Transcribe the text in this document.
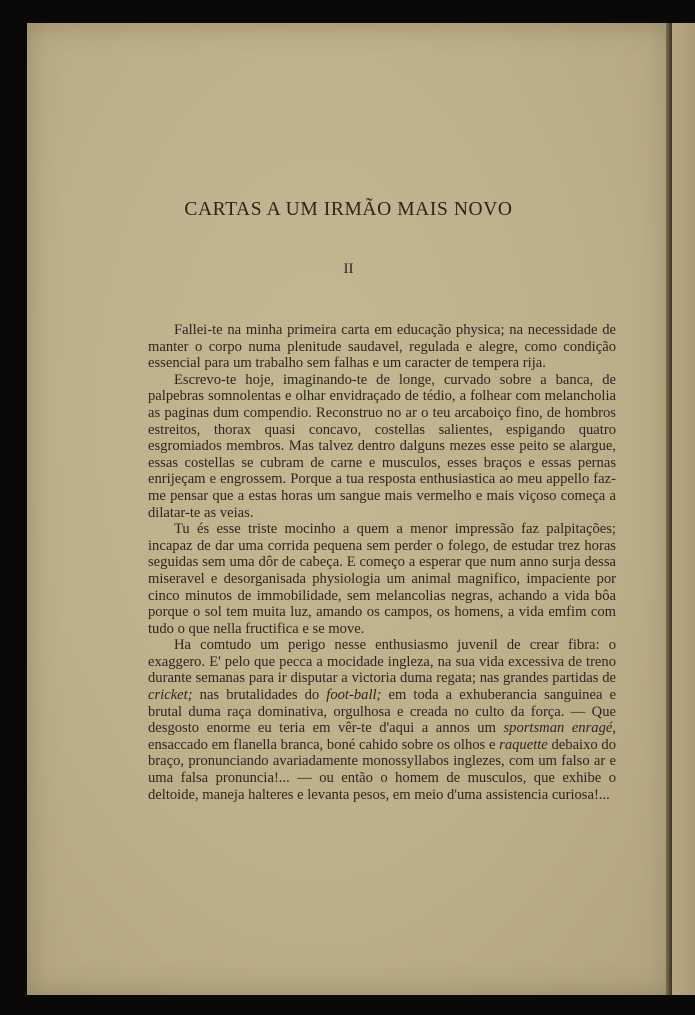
CARTAS A UM IRMÃO MAIS NOVO
II

Fallei-te na minha primeira carta em educação physica; na necessidade de manter o corpo numa plenitude saudavel, regulada e alegre, como condição essencial para um trabalho sem falhas e um caracter de tempera rija.

Escrevo-te hoje, imaginando-te de longe, curvado sobre a banca, de palpebras somnolentas e olhar envidraçado de tédio, a folhear com melancholia as paginas dum compendio. Reconstruo no ar o teu arcaboiço fino, de hombros estreitos, thorax quasi concavo, costellas salientes, espigando quatro esgromiados membros. Mas talvez dentro dalguns mezes esse peito se alargue, essas costellas se cubram de carne e musculos, esses braços e essas pernas enrijeçam e engrossem. Porque a tua resposta enthusiastica ao meu appello faz-me pensar que a estas horas um sangue mais vermelho e mais viçoso começa a dilatar-te as veias.

Tu és esse triste mocinho a quem a menor impressão faz palpitações; incapaz de dar uma corrida pequena sem perder o folego, de estudar trez horas seguidas sem uma dôr de cabeça. E começo a esperar que num anno surja dessa miseravel e desorganisada physiologia um animal magnifico, impaciente por cinco minutos de immobilidade, sem melancolias negras, achando a vida bôa porque o sol tem muita luz, amando os campos, os homens, a vida emfim com tudo o que nella fructifica e se move.

Ha comtudo um perigo nesse enthusiasmo juvenil de crear fibra: o exaggero. E' pelo que pecca a mocidade ingleza, na sua vida excessiva de treno durante semanas para ir disputar a victoria duma regata; nas grandes partidas de cricket; nas brutalidades do foot-ball; em toda a exhuberancia sanguinea e brutal duma raça dominativa, orgulhosa e creada no culto da força. — Que desgosto enorme eu teria em vêr-te d'aqui a annos um sportsman enragé, ensaccado em flanella branca, boné cahido sobre os olhos e raquette debaixo do braço, pronunciando avariadamente monossyllabos inglezes, com um falso ar e uma falsa pronuncia!... — ou então o homem de musculos, que exhibe o deltoide, maneja halteres e levanta pesos, em meio d'uma assistencia curiosa!...
